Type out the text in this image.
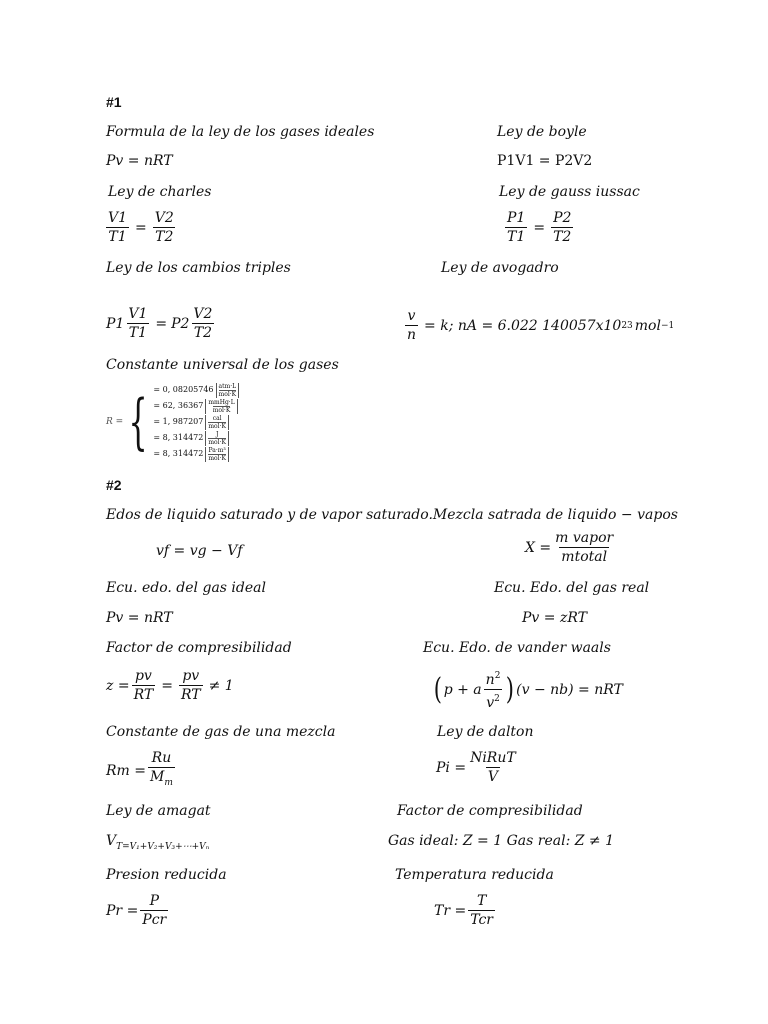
#1
Formula de la ley de los gases ideales	Ley de boyle
Pv = nRT	P1V1 = P2V2
Ley de charles	Ley de gauss iussac
$\frac{V1}{T1} = \frac{V2}{T2}$	$\frac{P1}{T1} = \frac{P2}{T2}$
Ley de los cambios triples	Ley de avogadro
$P1 \frac{V1}{T1} = P2 \frac{V2}{T2}$	$\frac{v}{n} = k$; nA = 6.022 140057x10 23 mol −1
Constante universal de los gases
R = { = 0, 08205746 atm·L
mol·K
= 62, 36367 mmHg·L
mol·K
= 1, 987207 cal
mol·K
= 8, 314472 J
mol·K
= 8, 314472 Pa·m³
mol·K
#2
Edos de liquido saturado y de vapor saturado.Mezcla satrada de liquido − vapos
vf = vg − Vf	$X = \frac{\text{m vapor}}{\text{mtotal}}$
Ecu. edo. del gas ideal	Ecu. Edo. del gas real
Pv = nRT	Pv = zRT
Factor de compresibilidad	Ecu. Edo. de vander waals
$z = \frac{pv}{RT} = \frac{pv}{RT} \ne 1$	( p + a $\frac{n^2}{v^2}$ ) (v − nb) = nRT
Constante de gas de una mezcla	Ley de dalton
$Rm = \frac{Ru}{M_m}$	$Pi = \frac{\text{NiRuT}}{V}$
Ley de amagat	Factor de compresibilidad
$V_{T=V_1+V_2+V_3+\cdots+V_n}$	Gas ideal: Z = 1 Gas real: Z ≠ 1
Presion reducida	Temperatura reducida
$Pr = \frac{P}{\text{Pcr}}$	$Tr = \frac{T}{\text{Tcr}}$
